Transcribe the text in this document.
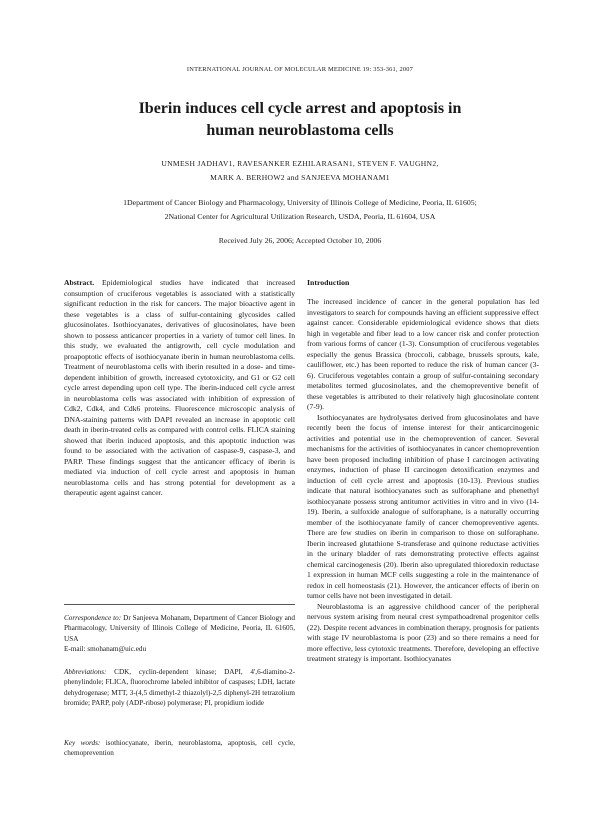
INTERNATIONAL JOURNAL OF MOLECULAR MEDICINE 19: 353-361, 2007
Iberin induces cell cycle arrest and apoptosis in
human neuroblastoma cells
UNMESH JADHAV1, RAVESANKER EZHILARASAN1, STEVEN F. VAUGHN2,
MARK A. BERHOW2 and SANJEEVA MOHANAM1
1Department of Cancer Biology and Pharmacology, University of Illinois College of Medicine, Peoria, IL 61605;
2National Center for Agricultural Utilization Research, USDA, Peoria, IL 61604, USA
Received July 26, 2006; Accepted October 10, 2006
Abstract. Epidemiological studies have indicated that increased consumption of cruciferous vegetables is associated with a statistically significant reduction in the risk for cancers. The major bioactive agent in these vegetables is a class of sulfur-containing glycosides called glucosinolates. Isothiocyanates, derivatives of glucosinolates, have been shown to possess anticancer properties in a variety of tumor cell lines. In this study, we evaluated the antigrowth, cell cycle modulation and proapoptotic effects of isothiocyanate iberin in human neuroblastoma cells. Treatment of neuroblastoma cells with iberin resulted in a dose- and time-dependent inhibition of growth, increased cytotoxicity, and G1 or G2 cell cycle arrest depending upon cell type. The iberin-induced cell cycle arrest in neuroblastoma cells was associated with inhibition of expression of Cdk2, Cdk4, and Cdk6 proteins. Fluorescence microscopic analysis of DNA-staining patterns with DAPI revealed an increase in apoptotic cell death in iberin-treated cells as compared with control cells. FLICA staining showed that iberin induced apoptosis, and this apoptotic induction was found to be associated with the activation of caspase-9, caspase-3, and PARP. These findings suggest that the anticancer efficacy of iberin is mediated via induction of cell cycle arrest and apoptosis in human neuroblastoma cells and has strong potential for development as a therapeutic agent against cancer.
Correspondence to: Dr Sanjeeva Mohanam, Department of Cancer Biology and Pharmacology, University of Illinois College of Medicine, Peoria, IL 61605, USA
E-mail: smohanam@uic.edu
Abbreviations: CDK, cyclin-dependent kinase; DAPI, 4',6-diamino-2-phenylindole; FLICA, fluorochrome labeled inhibitor of caspases; LDH, lactate dehydrogenase; MTT, 3-(4,5 dimethyl-2 thiazolyl)-2,5 diphenyl-2H tetrazolium bromide; PARP, poly (ADP-ribose) polymerase; PI, propidium iodide
Key words: isothiocyanate, iberin, neuroblastoma, apoptosis, cell cycle, chemoprevention
Introduction

The increased incidence of cancer in the general population has led investigators to search for compounds having an efficient suppressive effect against cancer. Considerable epidemiological evidence shows that diets high in vegetable and fiber lead to a low cancer risk and confer protection from various forms of cancer (1-3). Consumption of cruciferous vegetables especially the genus Brassica (broccoli, cabbage, brussels sprouts, kale, cauliflower, etc.) has been reported to reduce the risk of human cancer (3-6). Cruciferous vegetables contain a group of sulfur-containing secondary metabolites termed glucosinolates, and the chemopreventive benefit of these vegetables is attributed to their relatively high glucosinolate content (7-9).

Isothiocyanates are hydrolysates derived from glucosinolates and have recently been the focus of intense interest for their anticarcinogenic activities and potential use in the chemoprevention of cancer. Several mechanisms for the activities of isothiocyanates in cancer chemoprevention have been proposed including inhibition of phase I carcinogen activating enzymes, induction of phase II carcinogen detoxification enzymes and induction of cell cycle arrest and apoptosis (10-13). Previous studies indicate that natural isothiocyanates such as sulforaphane and phenethyl isothiocyanate possess strong antitumor activities in vitro and in vivo (14-19). Iberin, a sulfoxide analogue of sulforaphane, is a naturally occurring member of the isothiocyanate family of cancer chemopreventive agents. There are few studies on iberin in comparison to those on sulforaphane. Iberin increased glutathione S-transferase and quinone reductase activities in the urinary bladder of rats demonstrating protective effects against chemical carcinogenesis (20). Iberin also upregulated thioredoxin reductase 1 expression in human MCF cells suggesting a role in the maintenance of redox in cell homeostasis (21). However, the anticancer effects of iberin on tumor cells have not been investigated in detail.

Neuroblastoma is an aggressive childhood cancer of the peripheral nervous system arising from neural crest sympathoadrenal progenitor cells (22). Despite recent advances in combination therapy, prognosis for patients with stage IV neuroblastoma is poor (23) and so there remains a need for more effective, less cytotoxic treatments. Therefore, developing an effective treatment strategy is important. Isothiocyanates
